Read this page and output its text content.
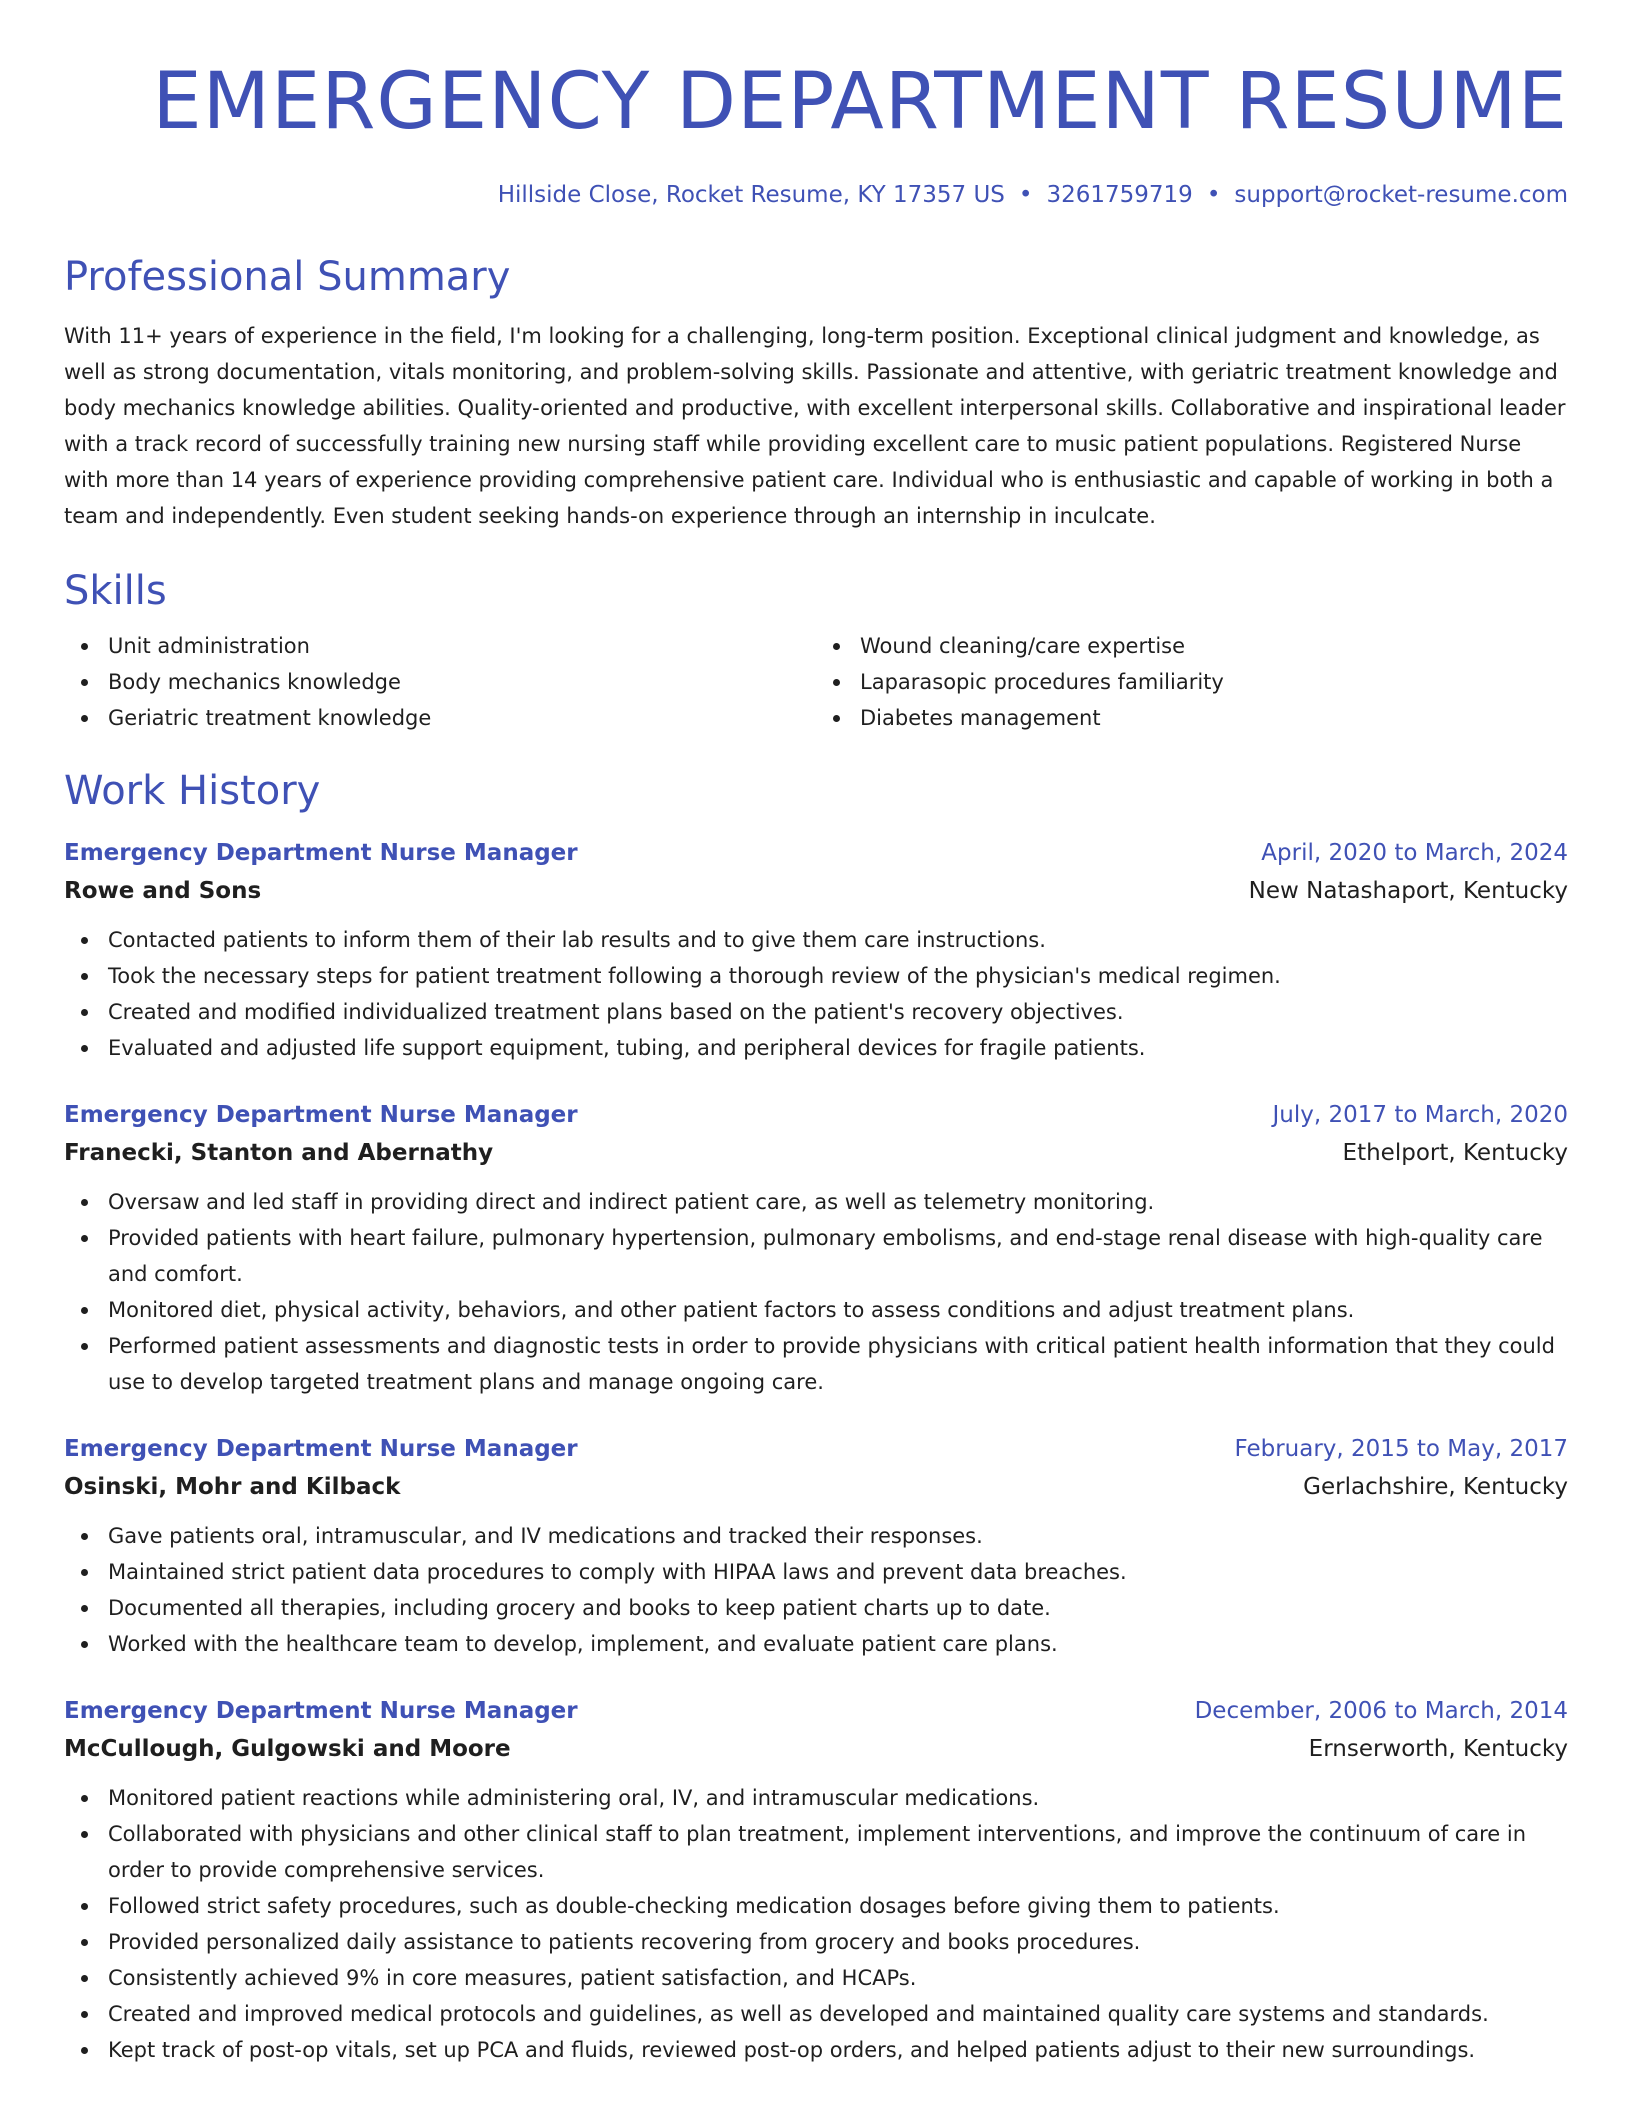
EMERGENCY DEPARTMENT RESUME
Hillside Close, Rocket Resume, KY 17357 US • 3261759719 • support@rocket-resume.com
Professional Summary

With 11+ years of experience in the field, I'm looking for a challenging, long-term position. Exceptional clinical judgment and knowledge, as well as strong documentation, vitals monitoring, and problem-solving skills. Passionate and attentive, with geriatric treatment knowledge and body mechanics knowledge abilities. Quality-oriented and productive, with excellent interpersonal skills. Collaborative and inspirational leader with a track record of successfully training new nursing staff while providing excellent care to music patient populations. Registered Nurse with more than 14 years of experience providing comprehensive patient care. Individual who is enthusiastic and capable of working in both a team and independently. Even student seeking hands-on experience through an internship in inculcate.

Skills
Unit administration
Body mechanics knowledge
Geriatric treatment knowledge
Wound cleaning/care expertise
Laparasopic procedures familiarity
Diabetes management
Work History
Emergency Department Nurse Manager	April, 2020 to March, 2024
Rowe and Sons	New Natashaport, Kentucky
Contacted patients to inform them of their lab results and to give them care instructions.
Took the necessary steps for patient treatment following a thorough review of the physician's medical regimen.
Created and modified individualized treatment plans based on the patient's recovery objectives.
Evaluated and adjusted life support equipment, tubing, and peripheral devices for fragile patients.
Emergency Department Nurse Manager	July, 2017 to March, 2020
Franecki, Stanton and Abernathy	Ethelport, Kentucky
Oversaw and led staff in providing direct and indirect patient care, as well as telemetry monitoring.
Provided patients with heart failure, pulmonary hypertension, pulmonary embolisms, and end-stage renal disease with high-quality care and comfort.
Monitored diet, physical activity, behaviors, and other patient factors to assess conditions and adjust treatment plans.
Performed patient assessments and diagnostic tests in order to provide physicians with critical patient health information that they could use to develop targeted treatment plans and manage ongoing care.
Emergency Department Nurse Manager	February, 2015 to May, 2017
Osinski, Mohr and Kilback	Gerlachshire, Kentucky
Gave patients oral, intramuscular, and IV medications and tracked their responses.
Maintained strict patient data procedures to comply with HIPAA laws and prevent data breaches.
Documented all therapies, including grocery and books to keep patient charts up to date.
Worked with the healthcare team to develop, implement, and evaluate patient care plans.
Emergency Department Nurse Manager	December, 2006 to March, 2014
McCullough, Gulgowski and Moore	Ernserworth, Kentucky
Monitored patient reactions while administering oral, IV, and intramuscular medications.
Collaborated with physicians and other clinical staff to plan treatment, implement interventions, and improve the continuum of care in order to provide comprehensive services.
Followed strict safety procedures, such as double-checking medication dosages before giving them to patients.
Provided personalized daily assistance to patients recovering from grocery and books procedures.
Consistently achieved 9% in core measures, patient satisfaction, and HCAPs.
Created and improved medical protocols and guidelines, as well as developed and maintained quality care systems and standards.
Kept track of post-op vitals, set up PCA and fluids, reviewed post-op orders, and helped patients adjust to their new surroundings.
